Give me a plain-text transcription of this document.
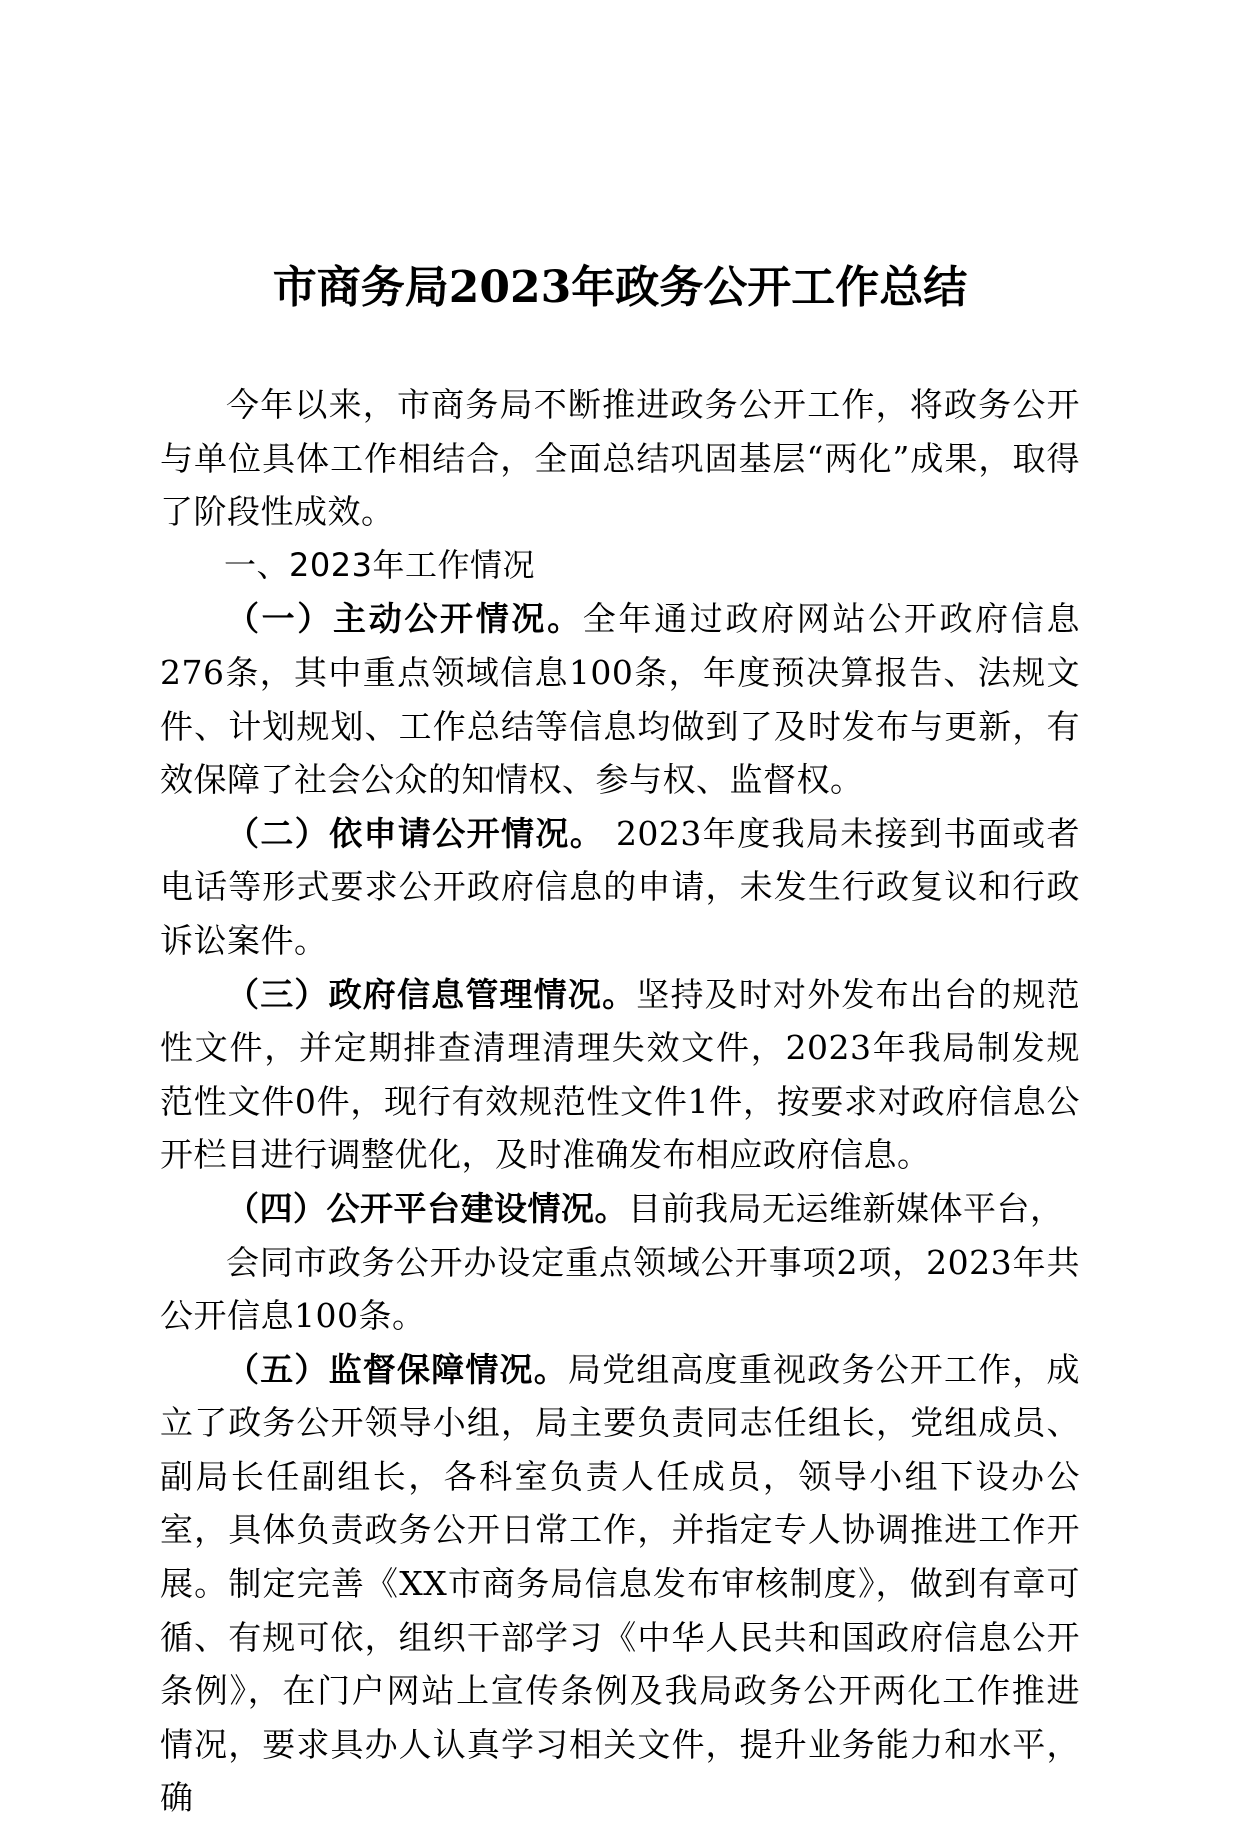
市商务局2023年政务公开工作总结

今年以来，市商务局不断推进政务公开工作，将政务公开与单位具体工作相结合，全面总结巩固基层“两化”成果，取得了阶段性成效。

一、2023年工作情况

（一）主动公开情况。全年通过政府网站公开政府信息276条，其中重点领域信息100条，年度预决算报告、法规文件、计划规划、工作总结等信息均做到了及时发布与更新，有效保障了社会公众的知情权、参与权、监督权。

（二）依申请公开情况。 2023年度我局未接到书面或者电话等形式要求公开政府信息的申请，未发生行政复议和行政诉讼案件。

（三）政府信息管理情况。坚持及时对外发布出台的规范性文件，并定期排查清理清理失效文件，2023年我局制发规范性文件0件，现行有效规范性文件1件，按要求对政府信息公开栏目进行调整优化，及时准确发布相应政府信息。

（四）公开平台建设情况。目前我局无运维新媒体平台，

会同市政务公开办设定重点领域公开事项2项，2023年共公开信息100条。

（五）监督保障情况。局党组高度重视政务公开工作，成立了政务公开领导小组，局主要负责同志任组长，党组成员、副局长任副组长，各科室负责人任成员，领导小组下设办公室，具体负责政务公开日常工作，并指定专人协调推进工作开展。制定完善《XX市商务局信息发布审核制度》，做到有章可循、有规可依，组织干部学习《中华人民共和国政府信息公开条例》，在门户网站上宣传条例及我局政务公开两化工作推进情况，要求具办人认真学习相关文件，提升业务能力和水平，确
